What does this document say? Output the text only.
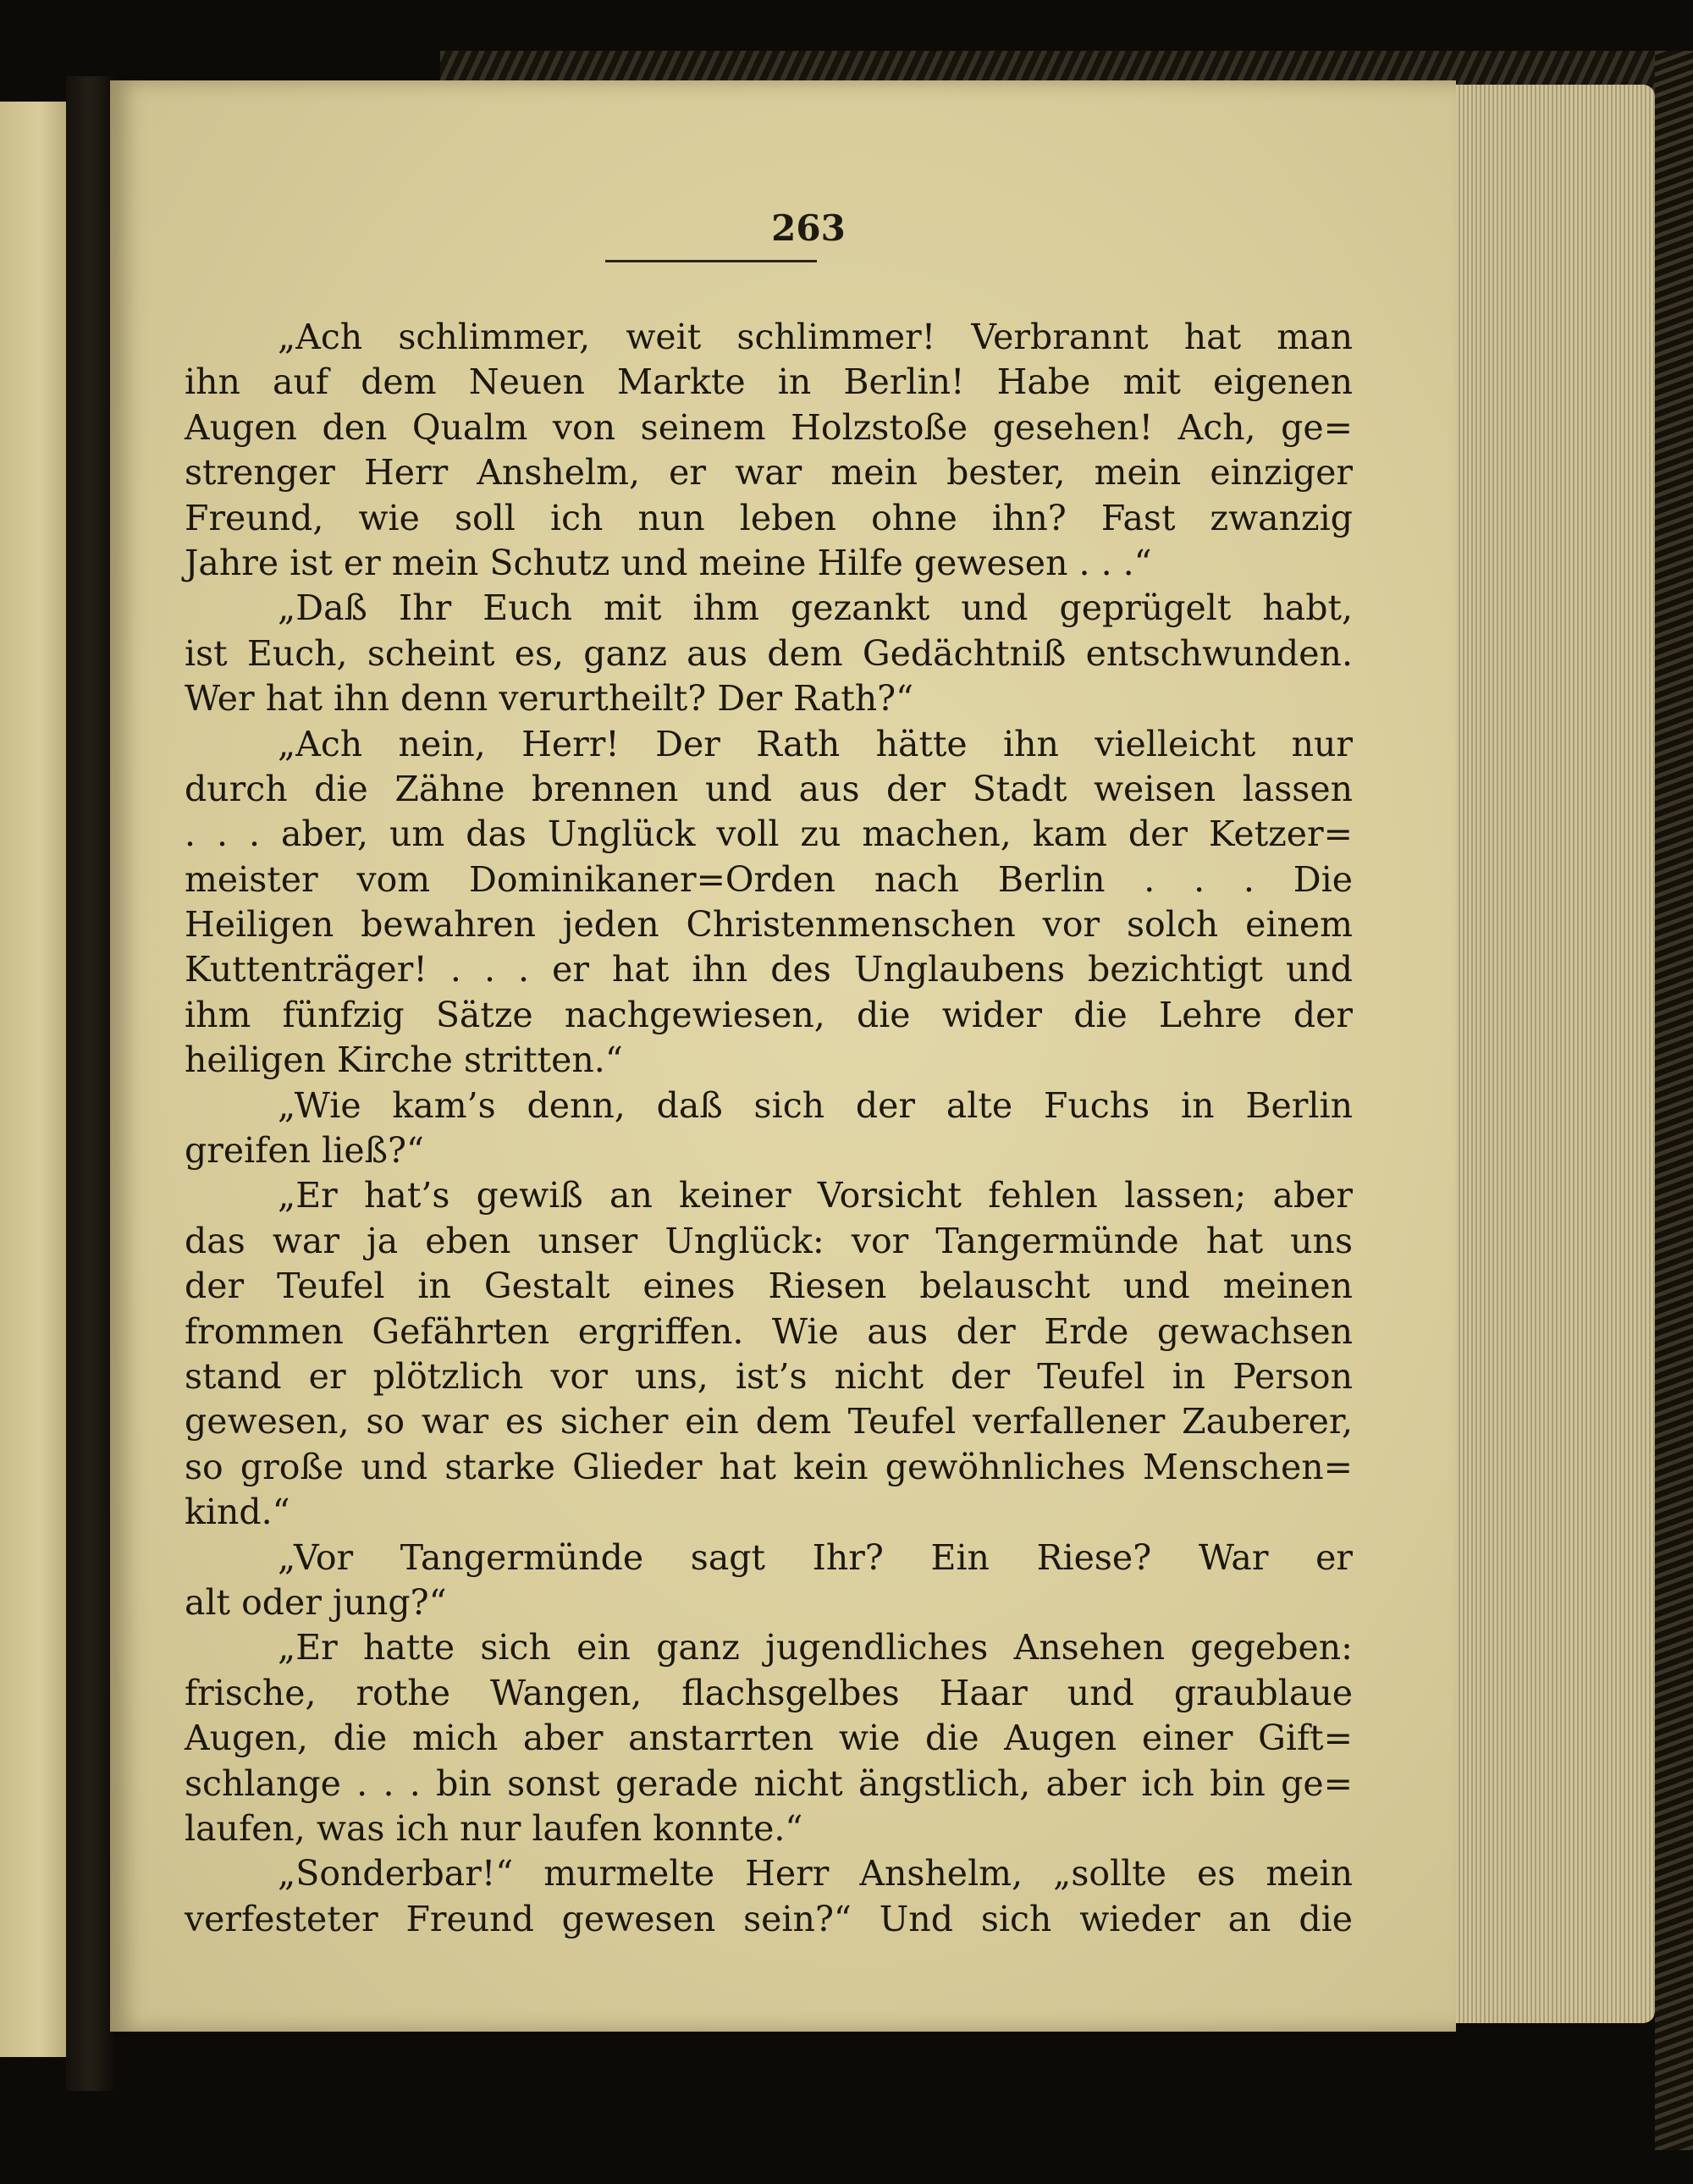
263
„Ach schlimmer, weit schlimmer! Verbrannt hat man
ihn auf dem Neuen Markte in Berlin! Habe mit eigenen
Augen den Qualm von seinem Holzstoße gesehen! Ach, ge=
strenger Herr Anshelm, er war mein bester, mein einziger
Freund, wie soll ich nun leben ohne ihn? Fast zwanzig
Jahre ist er mein Schutz und meine Hilfe gewesen . . .“
„Daß Ihr Euch mit ihm gezankt und geprügelt habt,
ist Euch, scheint es, ganz aus dem Gedächtniß entschwunden.
Wer hat ihn denn verurtheilt? Der Rath?“
„Ach nein, Herr! Der Rath hätte ihn vielleicht nur
durch die Zähne brennen und aus der Stadt weisen lassen
. . . aber, um das Unglück voll zu machen, kam der Ketzer=
meister vom Dominikaner=Orden nach Berlin . . . Die
Heiligen bewahren jeden Christenmenschen vor solch einem
Kuttenträger! . . . er hat ihn des Unglaubens bezichtigt und
ihm fünfzig Sätze nachgewiesen, die wider die Lehre der
heiligen Kirche stritten.“
„Wie kam’s denn, daß sich der alte Fuchs in Berlin
greifen ließ?“
„Er hat’s gewiß an keiner Vorsicht fehlen lassen; aber
das war ja eben unser Unglück: vor Tangermünde hat uns
der Teufel in Gestalt eines Riesen belauscht und meinen
frommen Gefährten ergriffen. Wie aus der Erde gewachsen
stand er plötzlich vor uns, ist’s nicht der Teufel in Person
gewesen, so war es sicher ein dem Teufel verfallener Zauberer,
so große und starke Glieder hat kein gewöhnliches Menschen=
kind.“
„Vor Tangermünde sagt Ihr? Ein Riese? War er
alt oder jung?“
„Er hatte sich ein ganz jugendliches Ansehen gegeben:
frische, rothe Wangen, flachsgelbes Haar und graublaue
Augen, die mich aber anstarrten wie die Augen einer Gift=
schlange . . . bin sonst gerade nicht ängstlich, aber ich bin ge=
laufen, was ich nur laufen konnte.“
„Sonderbar!“ murmelte Herr Anshelm, „sollte es mein
verfesteter Freund gewesen sein?“ Und sich wieder an die
